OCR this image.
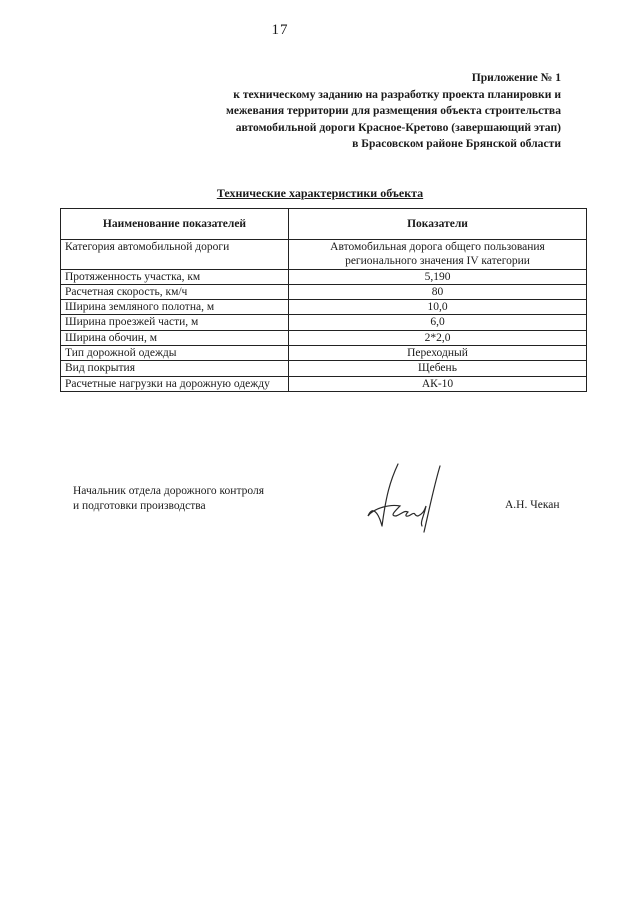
17
Приложение № 1
к техническому заданию на разработку проекта планировки и
межевания территории для размещения объекта строительства
автомобильной дороги Красное-Кретово (завершающий этап)
в Брасовском районе Брянской области
Технические характеристики объекта
Наименование показателей	Показатели
Категория автомобильной дороги	Автомобильная дорога общего пользования
регионального значения IV категории

Протяженность участка, км	5,190

Расчетная скорость, км/ч	80

Ширина земляного полотна, м	10,0

Ширина проезжей части, м	6,0

Ширина обочин, м	2*2,0

Тип дорожной одежды	Переходный

Вид покрытия	Щебень

Расчетные нагрузки на дорожную одежду	АК-10
Начальник отдела дорожного контроля
и подготовки производства	А.Н. Чекан
